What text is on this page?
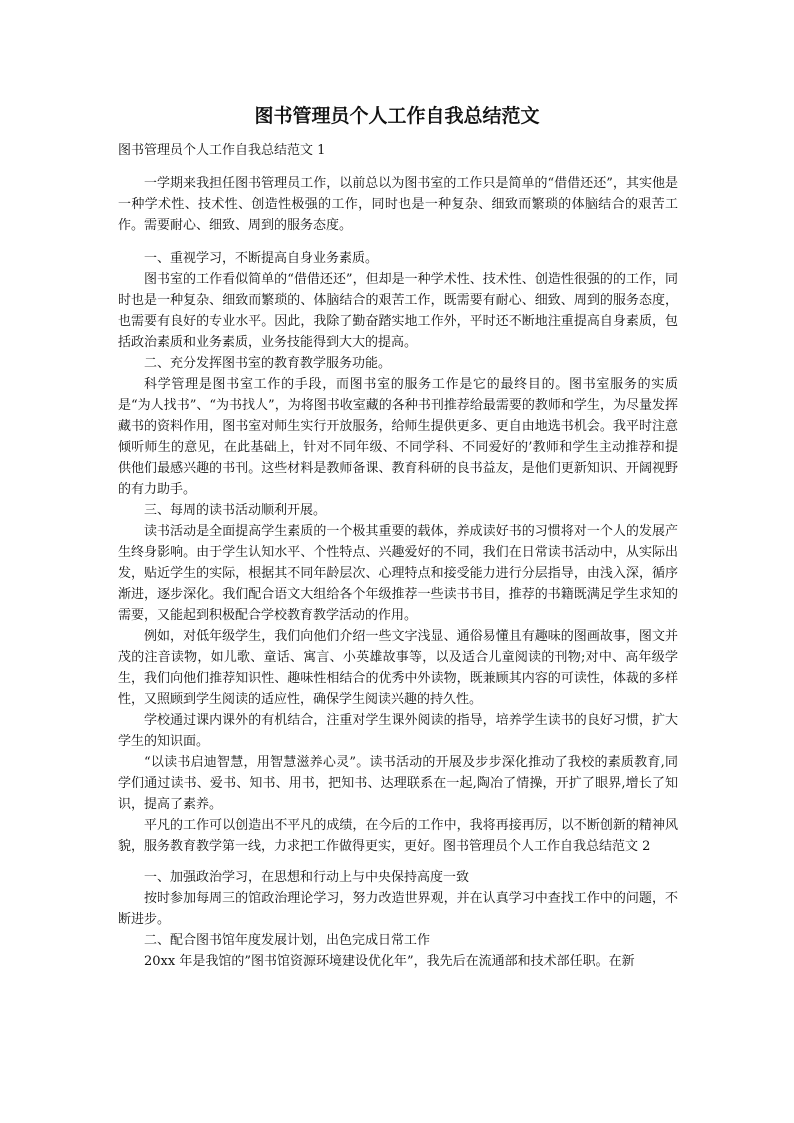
图书管理员个人工作自我总结范文

图书管理员个人工作自我总结范文 1

一学期来我担任图书管理员工作，以前总以为图书室的工作只是简单的“借借还还”，其实他是一种学术性、技术性、创造性极强的工作，同时也是一种复杂、细致而繁琐的体脑结合的艰苦工作。需要耐心、细致、周到的服务态度。

一、重视学习，不断提高自身业务素质。

图书室的工作看似简单的“借借还还”，但却是一种学术性、技术性、创造性很强的的工作，同时也是一种复杂、细致而繁琐的、体脑结合的艰苦工作，既需要有耐心、细致、周到的服务态度，也需要有良好的专业水平。因此，我除了勤奋踏实地工作外，平时还不断地注重提高自身素质，包括政治素质和业务素质，业务技能得到大大的提高。

二、充分发挥图书室的教育教学服务功能。

科学管理是图书室工作的手段，而图书室的服务工作是它的最终目的。图书室服务的实质是“为人找书”、“为书找人”，为将图书收室藏的各种书刊推荐给最需要的教师和学生，为尽量发挥藏书的资料作用，图书室对师生实行开放服务，给师生提供更多、更自由地选书机会。我平时注意倾听师生的意见，在此基础上，针对不同年级、不同学科、不同爱好的’教师和学生主动推荐和提供他们最感兴趣的书刊。这些材料是教师备课、教育科研的良书益友，是他们更新知识、开阔视野的有力助手。

三、每周的读书活动顺利开展。

读书活动是全面提高学生素质的一个极其重要的载体，养成读好书的习惯将对一个人的发展产生终身影响。由于学生认知水平、个性特点、兴趣爱好的不同，我们在日常读书活动中，从实际出发，贴近学生的实际，根据其不同年龄层次、心理特点和接受能力进行分层指导，由浅入深，循序渐进，逐步深化。我们配合语文大组给各个年级推荐一些读书书目，推荐的书籍既满足学生求知的需要，又能起到积极配合学校教育教学活动的作用。

例如，对低年级学生，我们向他们介绍一些文字浅显、通俗易懂且有趣味的图画故事，图文并茂的注音读物，如儿歌、童话、寓言、小英雄故事等，以及适合儿童阅读的刊物;对中、高年级学生，我们向他们推荐知识性、趣味性相结合的优秀中外读物，既兼顾其内容的可读性，体裁的多样性，又照顾到学生阅读的适应性，确保学生阅读兴趣的持久性。

学校通过课内课外的有机结合，注重对学生课外阅读的指导，培养学生读书的良好习惯，扩大学生的知识面。

“以读书启迪智慧，用智慧滋养心灵”。读书活动的开展及步步深化推动了我校的素质教育,同学们通过读书、爱书、知书、用书，把知书、达理联系在一起,陶冶了情操，开扩了眼界,增长了知识，提高了素养。

平凡的工作可以创造出不平凡的成绩，在今后的工作中，我将再接再厉，以不断创新的精神风貌，服务教育教学第一线，力求把工作做得更实，更好。图书管理员个人工作自我总结范文 2

一、加强政治学习，在思想和行动上与中央保持高度一致

按时参加每周三的馆政治理论学习，努力改造世界观，并在认真学习中查找工作中的问题，不断进步。

二、配合图书馆年度发展计划，出色完成日常工作

20xx 年是我馆的”图书馆资源环境建设优化年”，我先后在流通部和技术部任职。在新
